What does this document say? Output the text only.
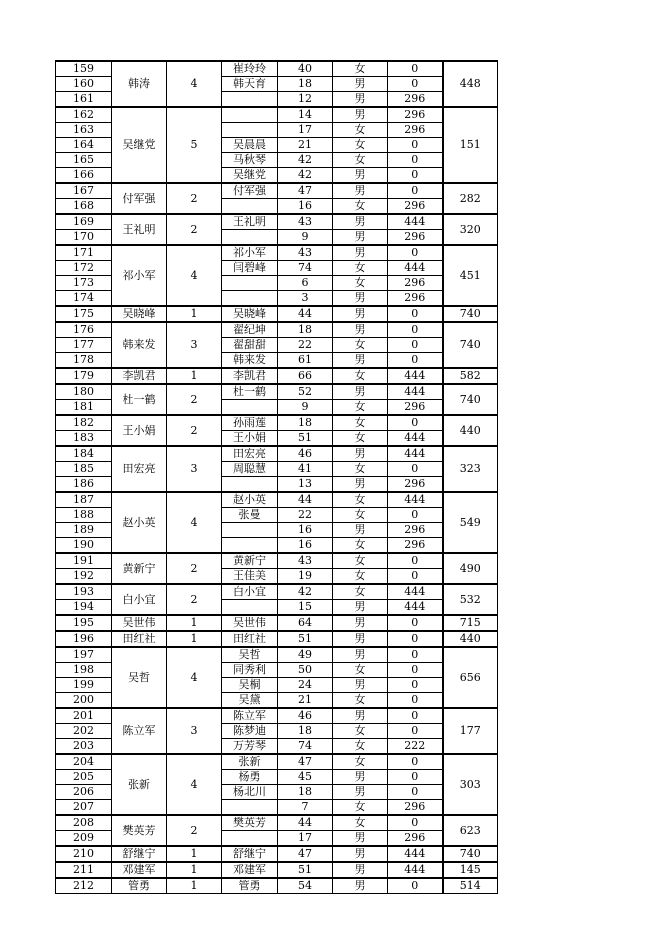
159	韩涛	4	崔玲玲	40	女	0	448
160			韩天育	18	男	0	
161				12	男	296	
162	吴继党	5		14	男	296	151
163				17	女	296	
164			吴晨晨	21	女	0	
165			马秋琴	42	女	0	
166			吴继党	42	男	0	
167	付军强	2	付军强	47	男	0	282
168				16	女	296	
169	王礼明	2	王礼明	43	男	444	320
170				9	男	296	
171	祁小军	4	祁小军	43	男	0	451
172			闫碧峰	74	女	444	
173				6	女	296	
174				3	男	296	
175	吴晓峰	1	吴晓峰	44	男	0	740
176	韩来发	3	翟纪坤	18	男	0	740
177			翟甜甜	22	女	0	
178			韩来发	61	男	0	
179	李凯君	1	李凯君	66	女	444	582
180	杜一鹤	2	杜一鹤	52	男	444	740
181				9	女	296	
182	王小娟	2	孙雨莲	18	女	0	440
183			王小娟	51	女	444	
184	田宏亮	3	田宏亮	46	男	444	323
185			周聪慧	41	女	0	
186				13	男	296	
187	赵小英	4	赵小英	44	女	444	549
188			张曼	22	女	0	
189				16	男	296	
190				16	女	296	
191	黄新宁	2	黄新宁	43	女	0	490
192			王佳美	19	女	0	
193	白小宜	2	白小宜	42	女	444	532
194				15	男	444	
195	吴世伟	1	吴世伟	64	男	0	715
196	田红社	1	田红社	51	男	0	440
197	吴哲	4	吴哲	49	男	0	656
198			同秀利	50	女	0	
199			吴桐	24	男	0	
200			吴黛	21	女	0	
201	陈立军	3	陈立军	46	男	0	177
202			陈梦迪	18	女	0	
203			万芳琴	74	女	222	
204	张新	4	张新	47	女	0	303
205			杨勇	45	男	0	
206			杨北川	18	男	0	
207				7	女	296	
208	樊英芳	2	樊英芳	44	女	0	623
209				17	男	296	
210	舒继宁	1	舒继宁	47	男	444	740
211	邓建军	1	邓建军	51	男	444	145
212	管勇	1	管勇	54	男	0	514
